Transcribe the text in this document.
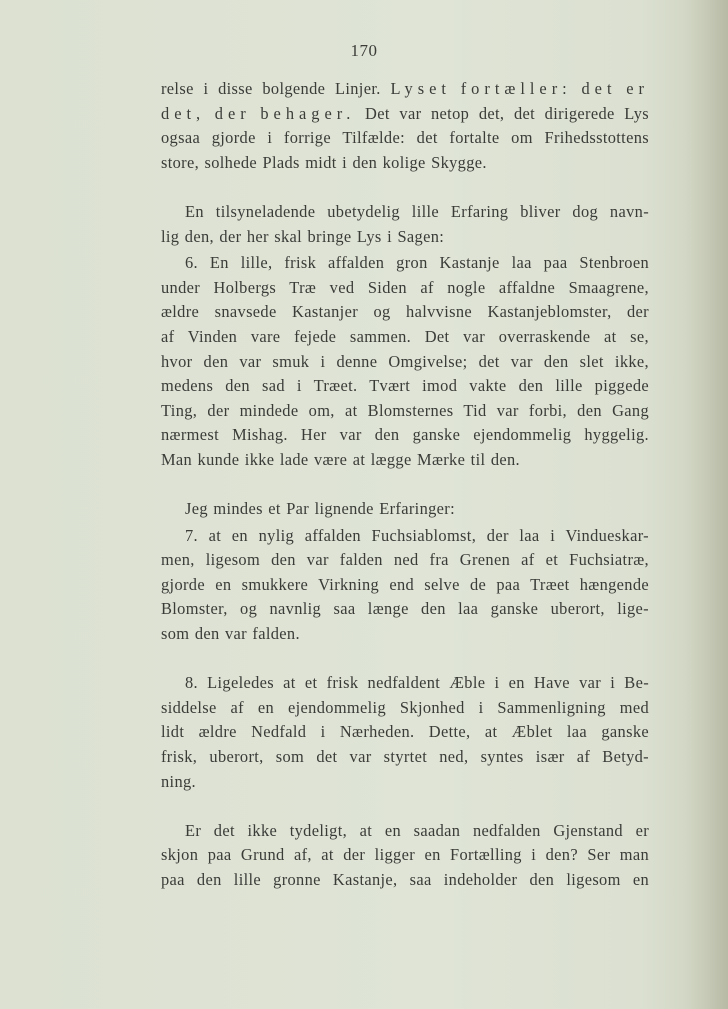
170
relse i disse bolgende Linjer. Lyset fortæller: det er
det, der behager. Det var netop det, det dirigerede Lys
ogsaa gjorde i forrige Tilfælde: det fortalte om Frihedsstottens
store, solhede Plads midt i den kolige Skygge.
En tilsyneladende ubetydelig lille Erfaring bliver dog navn-
lig den, der her skal bringe Lys i Sagen:
6. En lille, frisk affalden gron Kastanje laa paa Stenbroen
under Holbergs Træ ved Siden af nogle affaldne Smaagrene,
ældre snavsede Kastanjer og halvvisne Kastanjeblomster, der
af Vinden vare fejede sammen. Det var overraskende at se,
hvor den var smuk i denne Omgivelse; det var den slet ikke,
medens den sad i Træet. Tvært imod vakte den lille piggede
Ting, der mindede om, at Blomsternes Tid var forbi, den Gang
nærmest Mishag. Her var den ganske ejendommelig hyggelig.
Man kunde ikke lade være at lægge Mærke til den.
Jeg mindes et Par lignende Erfaringer:
7. at en nylig affalden Fuchsiablomst, der laa i Vindueskar-
men, ligesom den var falden ned fra Grenen af et Fuchsiatræ,
gjorde en smukkere Virkning end selve de paa Træet hængende
Blomster, og navnlig saa længe den laa ganske uberort, lige-
som den var falden.
8. Ligeledes at et frisk nedfaldent Æble i en Have var i Be-
siddelse af en ejendommelig Skjonhed i Sammenligning med
lidt ældre Nedfald i Nærheden. Dette, at Æblet laa ganske
frisk, uberort, som det var styrtet ned, syntes især af Betyd-
ning.
Er det ikke tydeligt, at en saadan nedfalden Gjenstand er
skjon paa Grund af, at der ligger en Fortælling i den? Ser man
paa den lille gronne Kastanje, saa indeholder den ligesom en
